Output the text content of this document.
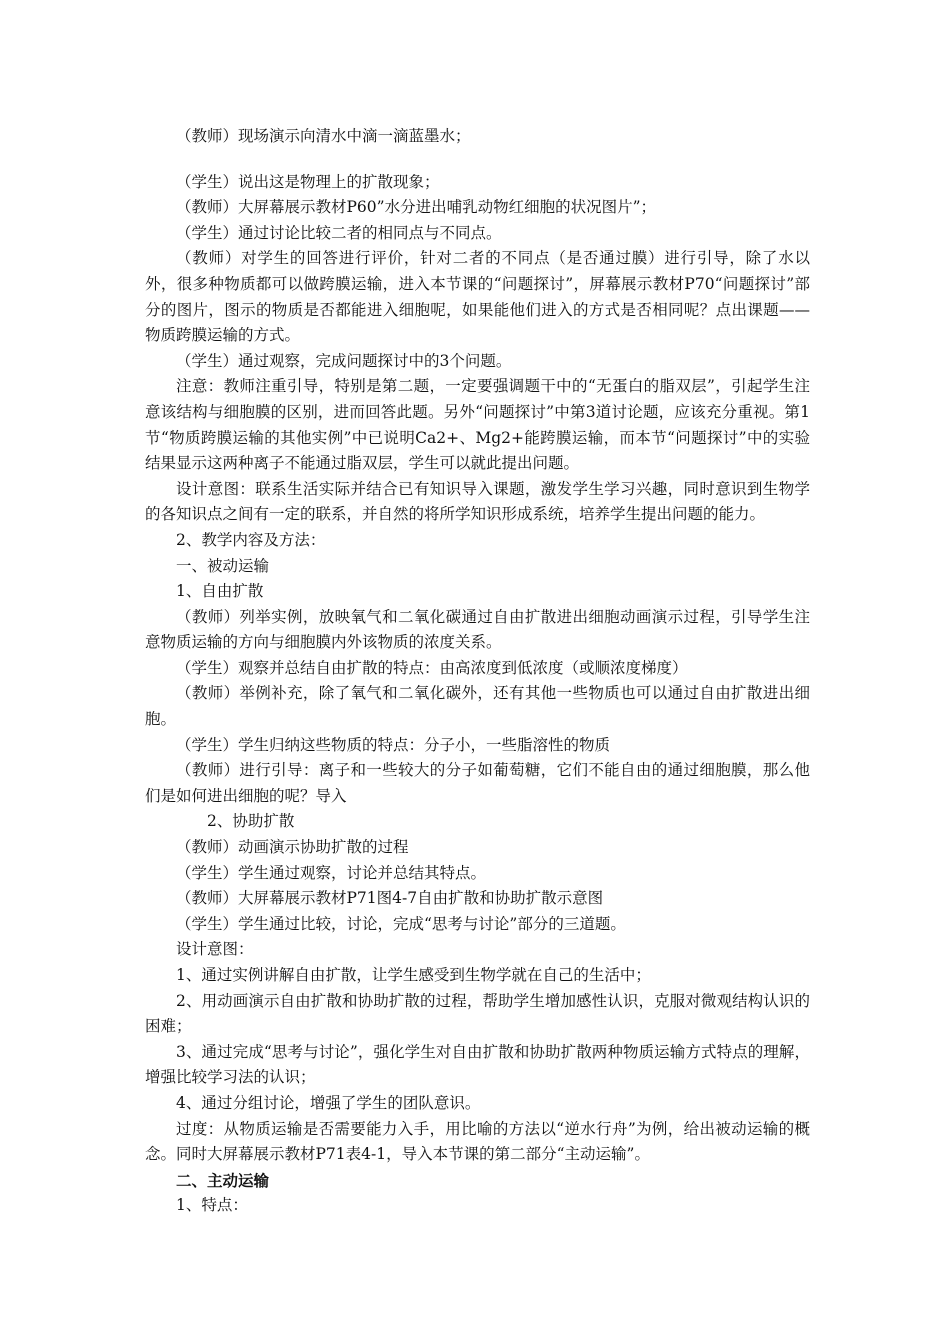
（教师）现场演示向清水中滴一滴蓝墨水；

（学生）说出这是物理上的扩散现象；

（教师）大屏幕展示教材P60”水分进出哺乳动物红细胞的状况图片”；

（学生）通过讨论比较二者的相同点与不同点。

（教师）对学生的回答进行评价，针对二者的不同点（是否通过膜）进行引导，除了水以外，很多种物质都可以做跨膜运输，进入本节课的“问题探讨”，屏幕展示教材P70“问题探讨”部分的图片，图示的物质是否都能进入细胞呢，如果能他们进入的方式是否相同呢？点出课题——物质跨膜运输的方式。

（学生）通过观察，完成问题探讨中的3个问题。

注意：教师注重引导，特别是第二题，一定要强调题干中的“无蛋白的脂双层”，引起学生注意该结构与细胞膜的区别，进而回答此题。另外“问题探讨”中第3道讨论题，应该充分重视。第1节“物质跨膜运输的其他实例”中已说明Ca2+、Mg2+能跨膜运输，而本节“问题探讨”中的实验结果显示这两种离子不能通过脂双层，学生可以就此提出问题。

设计意图：联系生活实际并结合已有知识导入课题，激发学生学习兴趣，同时意识到生物学的各知识点之间有一定的联系，并自然的将所学知识形成系统，培养学生提出问题的能力。

2、教学内容及方法：

一、被动运输

1、自由扩散

（教师）列举实例，放映氧气和二氧化碳通过自由扩散进出细胞动画演示过程，引导学生注意物质运输的方向与细胞膜内外该物质的浓度关系。

（学生）观察并总结自由扩散的特点：由高浓度到低浓度（或顺浓度梯度）

（教师）举例补充，除了氧气和二氧化碳外，还有其他一些物质也可以通过自由扩散进出细胞。

（学生）学生归纳这些物质的特点：分子小，一些脂溶性的物质

（教师）进行引导：离子和一些较大的分子如葡萄糖，它们不能自由的通过细胞膜，那么他们是如何进出细胞的呢？导入

2、协助扩散

（教师）动画演示协助扩散的过程

（学生）学生通过观察，讨论并总结其特点。

（教师）大屏幕展示教材P71图4-7自由扩散和协助扩散示意图

（学生）学生通过比较，讨论，完成“思考与讨论”部分的三道题。

设计意图：

1、通过实例讲解自由扩散，让学生感受到生物学就在自己的生活中；

2、用动画演示自由扩散和协助扩散的过程，帮助学生增加感性认识，克服对微观结构认识的困难；

3、通过完成“思考与讨论”，强化学生对自由扩散和协助扩散两种物质运输方式特点的理解，增强比较学习法的认识；

4、通过分组讨论，增强了学生的团队意识。

过度：从物质运输是否需要能力入手，用比喻的方法以“逆水行舟”为例，给出被动运输的概念。同时大屏幕展示教材P71表4-1，导入本节课的第二部分“主动运输”。

二、主动运输

1、特点：
